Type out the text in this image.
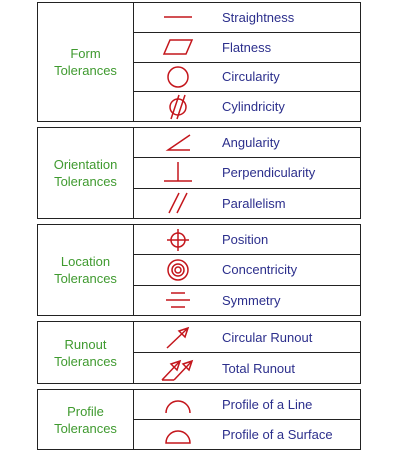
Form
Tolerances
Straightness
Flatness
Circularity
Cylindricity
Orientation
Tolerances
Angularity
Perpendicularity
Parallelism
Location
Tolerances
Position
Concentricity
Symmetry
Runout
Tolerances
Circular Runout
Total Runout
Profile
Tolerances
Profile of a Line
Profile of a Surface
